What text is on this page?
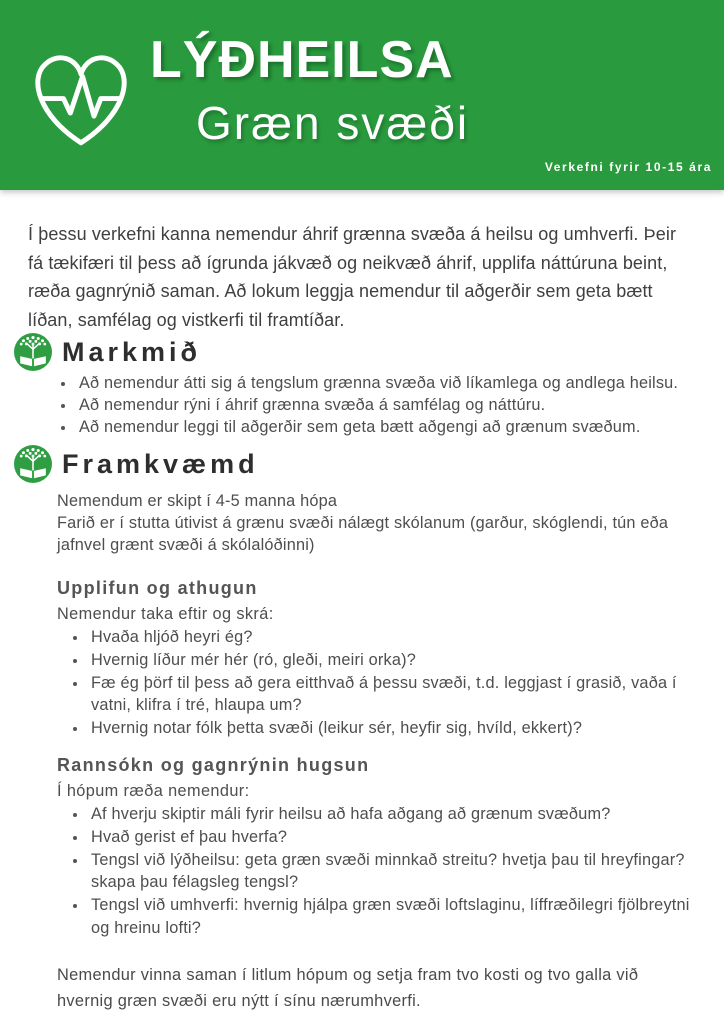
LÝÐHEILSA
Græn svæði
Verkefni fyrir 10-15 ára

Í þessu verkefni kanna nemendur áhrif grænna svæða á heilsu og umhverfi. Þeir fá tækifæri til þess að ígrunda jákvæð og neikvæð áhrif, upplifa náttúruna beint, ræða gagnrýnið saman. Að lokum leggja nemendur til aðgerðir sem geta bætt líðan, samfélag og vistkerfi til framtíðar.

Markmið
• Að nemendur átti sig á tengslum grænna svæða við líkamlega og andlega heilsu.
• Að nemendur rýni í áhrif grænna svæða á samfélag og náttúru.
• Að nemendur leggi til aðgerðir sem geta bætt aðgengi að grænum svæðum.
Framkvæmd
Nemendum er skipt í 4-5 manna hópa
Farið er í stutta útivist á grænu svæði nálægt skólanum (garður, skóglendi, tún eða jafnvel grænt svæði á skólalóðinni)
Upplifun og athugun
Nemendur taka eftir og skrá:
• Hvaða hljóð heyri ég?
• Hvernig líður mér hér (ró, gleði, meiri orka)?
• Fæ ég þörf til þess að gera eitthvað á þessu svæði, t.d. leggjast í grasið, vaða í vatni, klifra í tré, hlaupa um?
• Hvernig notar fólk þetta svæði (leikur sér, heyfir sig, hvíld, ekkert)?
Rannsókn og gagnrýnin hugsun
Í hópum ræða nemendur:
• Af hverju skiptir máli fyrir heilsu að hafa aðgang að grænum svæðum?
• Hvað gerist ef þau hverfa?
• Tengsl við lýðheilsu: geta græn svæði minnkað streitu? hvetja þau til hreyfingar? skapa þau félagsleg tengsl?
• Tengsl við umhverfi: hvernig hjálpa græn svæði loftslaginu, líffræðilegri fjölbreytni og hreinu lofti?

Nemendur vinna saman í litlum hópum og setja fram tvo kosti og tvo galla við hvernig græn svæði eru nýtt í sínu nærumhverfi.
